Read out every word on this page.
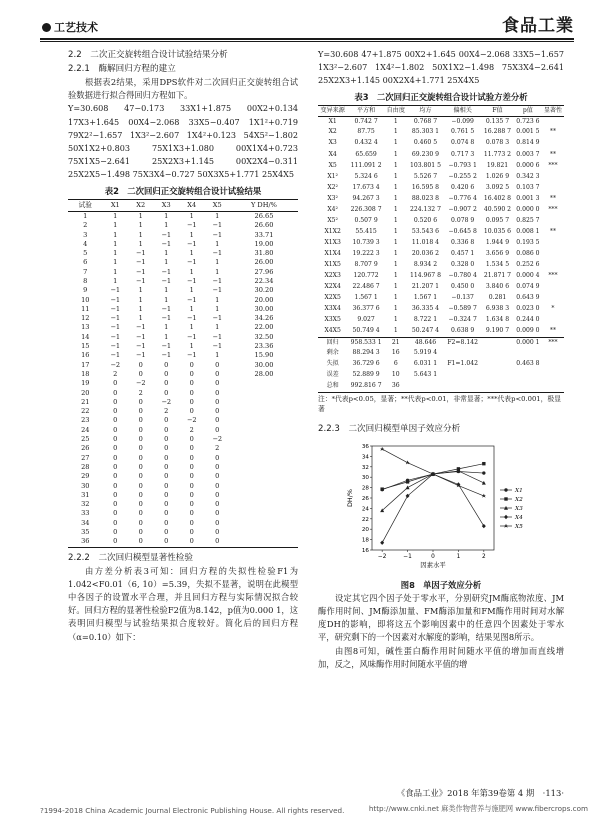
工艺技术	食品工業
2.2　二次正交旋转组合设计试验结果分析
2.2.1　酶解回归方程的建立
根据表2结果，采用DPS软件对二次回归正交旋转组合试验数据进行拟合得回归方程如下。
Y=30.608 47−0.173 33X1+1.875 00X2+0.134 17X3+1.645 00X4−2.068 33X5−0.407 1X1²+0.719 79X2²−1.657 1X3²−2.607 1X4²+0.123 54X5²−1.802 50X1X2+0.803 75X1X3+1.080 00X1X4+0.723 75X1X5−2.641 25X2X3+1.145 00X2X4−0.311 25X2X5−1.498 75X3X4−0.727 50X3X5+1.771 25X4X5
表2　二次回归正交旋转组合设计试验结果
试验	X1	X2	X3	X4	X5	Y DH/%
1	1	1	1	1	1	26.65
2	1	1	1	−1	−1	26.60
3	1	1	−1	1	−1	33.71
4	1	1	−1	−1	1	19.00
5	1	−1	1	1	−1	31.80
6	1	−1	1	−1	1	26.00
7	1	−1	−1	1	1	27.96
8	1	−1	−1	−1	−1	22.34
9	−1	1	1	1	−1	30.20
10	−1	1	1	−1	1	20.00
11	−1	1	−1	1	1	30.00
12	−1	1	−1	−1	−1	34.26
13	−1	−1	1	1	1	22.00
14	−1	−1	1	−1	−1	32.50
15	−1	−1	−1	1	−1	23.36
16	−1	−1	−1	−1	1	15.90
17	−2	0	0	0	0	30.00
18	2	0	0	0	0	28.00
19	0	−2	0	0	0	
20	0	2	0	0	0	
21	0	0	−2	0	0	
22	0	0	2	0	0	
23	0	0	0	−2	0	
24	0	0	0	2	0	
25	0	0	0	0	−2	
26	0	0	0	0	2	
27	0	0	0	0	0	
28	0	0	0	0	0	
29	0	0	0	0	0	
30	0	0	0	0	0	
31	0	0	0	0	0	
32	0	0	0	0	0	
33	0	0	0	0	0	
34	0	0	0	0	0	
35	0	0	0	0	0	
36	0	0	0	0	0	
2.2.2　二次回归模型显著性检验
由方差分析表3可知：回归方程的失拟性检验F1为1.042<F0.01（6, 10）=5.39，失拟不显著，说明在此模型中各因子的设置水平合理，并且回归方程与实际情况拟合较好。回归方程的显著性检验F2值为8.142，p值为0.000 1，这表明回归模型与试验结果拟合度较好。简化后的回归方程（α=0.10）如下：
Y=30.608 47+1.875 00X2+1.645 00X4−2.068 33X5−1.657 1X3²−2.607 1X4²−1.802 50X1X2−1.498 75X3X4−2.641 25X2X3+1.145 00X2X4+1.771 25X4X5
表3　二次回归正交旋转组合设计试验方差分析
变异来源	平方和	自由度	均方	偏相关	F值	p值	显著性
X1	0.742 7	1	0.768 7	−0.099	0.135 7	0.723 6	
X2	87.75	1	85.303 1	0.761 5	16.288 7	0.001 5	**
X3	0.432 4	1	0.460 5	0.074 8	0.078 3	0.814 9	
X4	65.659	1	69.230 9	0.717 3	11.773 2	0.003 7	**
X5	111.091 2	1	103.801 5	−0.793 1	19.821	0.000 6	***
X1²	5.324 6	1	5.526 7	−0.255 2	1.026 9	0.342 3	
X2²	17.673 4	1	16.595 8	0.420 6	3.092 5	0.103 7	
X3²	94.267 3	1	88.023 8	−0.776 4	16.402 8	0.001 3	**
X4²	226.308 7	1	224.132 7	−0.907 2	40.590 2	0.000 0	***
X5²	0.507 9	1	0.520 6	0.078 9	0.095 7	0.825 7	
X1X2	55.415	1	53.543 6	−0.645 8	10.035 6	0.008 1	**
X1X3	10.739 3	1	11.018 4	0.336 8	1.944 9	0.193 5	
X1X4	19.222 3	1	20.036 2	0.457 1	3.656 9	0.086 0	
X1X5	8.707 9	1	8.934 2	0.328 0	1.534 5	0.252 6	
X2X3	120.772	1	114.967 8	−0.780 4	21.871 7	0.000 4	***
X2X4	22.486 7	1	21.207 1	0.450 0	3.840 6	0.074 9	
X2X5	1.567 1	1	1.567 1	−0.137	0.281	0.643 9	
X3X4	36.377 6	1	36.335 4	−0.589 7	6.938 3	0.023 0	*
X3X5	9.027	1	8.722 1	−0.324 7	1.634 8	0.244 0	
X4X5	50.749 4	1	50.247 4	0.638 9	9.190 7	0.009 0	**
回归	958.533 1	21	48.646	F2=8.142		0.000 1	***
剩余	88.294 3	16	5.919 4				
失拟	36.729 6	6	6.031 1	F1=1.042		0.463 8	
误差	52.889 9	10	5.643 1				
总和	992.816 7	36					
注：*代表p<0.05，显著；**代表p<0.01，非常显著；***代表p<0.001，极显著
2.2.3　二次回归模型单因子效应分析
16
18
20
22
24
26
28
30
32
34
36
−2	−1	0	1	2
因素水平
DH/%	X1
X2
X3
X4
X5
图8　单因子效应分析
设定其它四个因子处于零水平，分别研究JM酶底物浓度、JM酶作用时间、JM酶添加量、FM酶添加量和FM酶作用时间对水解度DH的影响，即将这五个影响因素中的任意四个因素处于零水平，研究剩下的一个因素对水解度的影响，结果见图8所示。
由图8可知，碱性蛋白酶作用时间随水平值的增加而直线增加，反之，风味酶作用时间随水平值的增
《食品工业》2018 年第39卷第 4 期　·113·
?1994-2018 China Academic Journal Electronic Publishing House. All rights reserved.	http://www.cnki.net 麻类作物营养与施肥网 www.fibercrops.com
